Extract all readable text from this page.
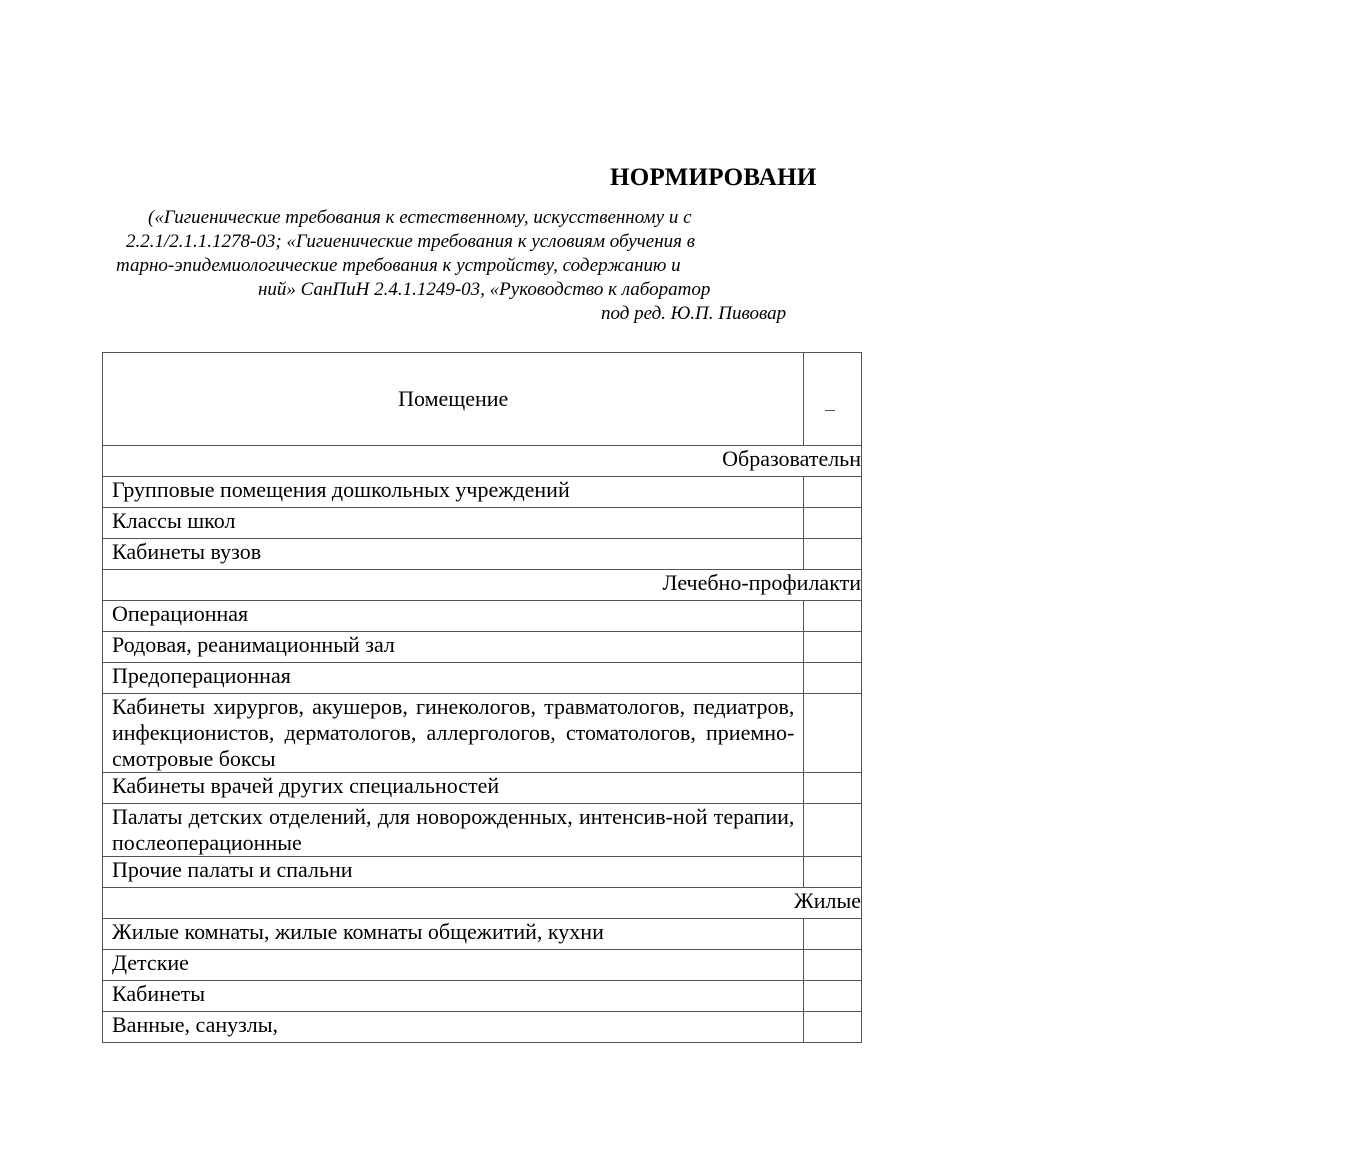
НОРМИРОВАНИ
(«Гигиенические требования к естественному, искусственному и с
2.2.1/2.1.1.1278-03; «Гигиенические требования к условиям обучения в
тарно-эпидемиологические требования к устройству, содержанию и
ний» СанПиН 2.4.1.1249-03, «Руководство к лаборатор
под ред. Ю.П. Пивовар
Помещение	
Образовательн	
Групповые помещения дошкольных учреждений	
Классы школ	
Кабинеты вузов	
Лечебно-профилакти	
Операционная	
Родовая, реанимационный зал	
Предоперационная	
Кабинеты хирургов, акушеров, гинекологов, травматологов, педиатров, инфекционистов, дерматологов, аллергологов, стоматологов, приемно-смотровые боксы	
Кабинеты врачей других специальностей	
Палаты детских отделений, для новорожденных, интенсив-ной терапии, послеоперационные	
Прочие палаты и спальни	
Жилые	
Жилые комнаты, жилые комнаты общежитий, кухни	
Детские	
Кабинеты	
Ванные, санузлы,	
